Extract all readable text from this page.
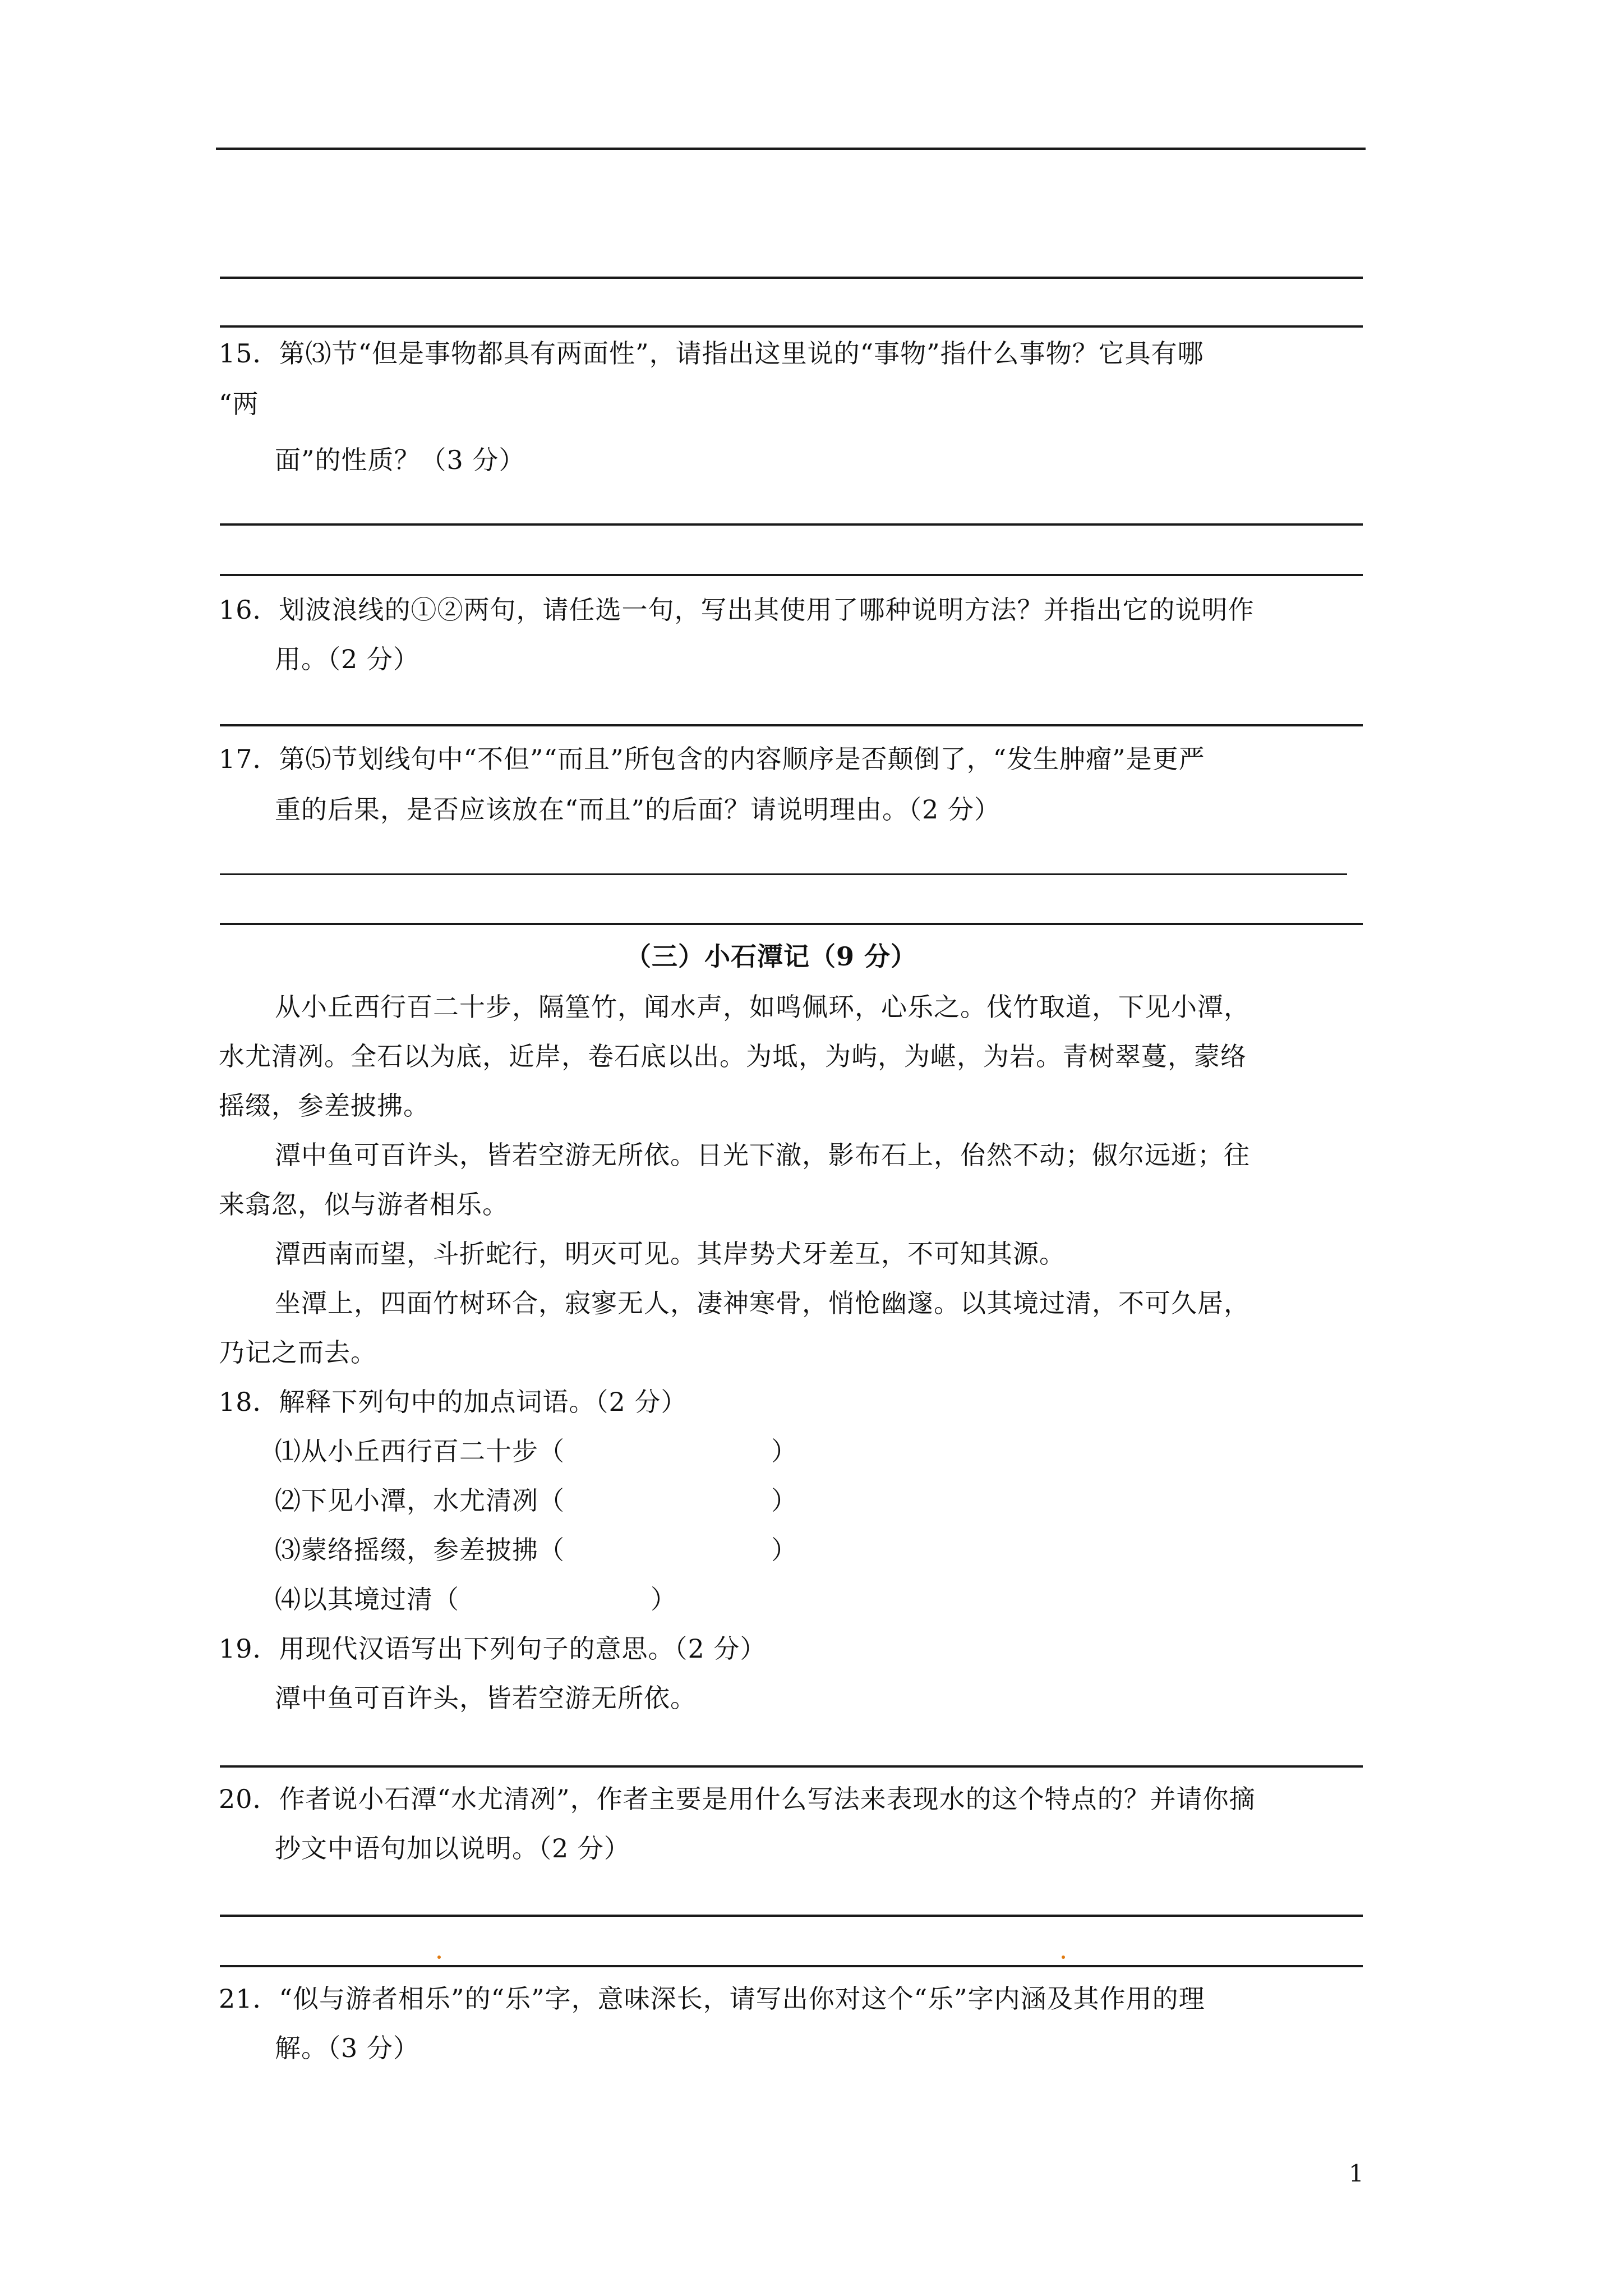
15．第⑶节“但是事物都具有两面性”，请指出这里说的“事物”指什么事物？它具有哪
“两
面”的性质？（3 分）
16．划波浪线的①②两句，请任选一句，写出其使用了哪种说明方法？并指出它的说明作
用。（2 分）
17．第⑸节划线句中“不但”“而且”所包含的内容顺序是否颠倒了，“发生肿瘤”是更严
重的后果，是否应该放在“而且”的后面？请说明理由。（2 分）
（三）小石潭记（9 分）
从小丘西行百二十步，隔篁竹，闻水声，如鸣佩环，心乐之。伐竹取道，下见小潭，
水尤清冽。全石以为底，近岸，卷石底以出。为坻，为屿，为嵁，为岩。青树翠蔓，蒙络
摇缀，参差披拂。
潭中鱼可百许头，皆若空游无所依。日光下澈，影布石上，佁然不动；俶尔远逝；往
来翕忽，似与游者相乐。
潭西南而望，斗折蛇行，明灭可见。其岸势犬牙差互，不可知其源。
坐潭上，四面竹树环合，寂寥无人，凄神寒骨，悄怆幽邃。以其境过清，不可久居，
乃记之而去。
18．解释下列句中的加点词语。（2 分）
⑴从小丘西行百二十步（	）
⑵下见小潭，水尤清冽（	）
⑶蒙络摇缀，参差披拂（	）
⑷以其境过清（	）
19．用现代汉语写出下列句子的意思。（2 分）
潭中鱼可百许头，皆若空游无所依。
20．作者说小石潭“水尤清冽”，作者主要是用什么写法来表现水的这个特点的？并请你摘
抄文中语句加以说明。（2 分）
21．“似与游者相乐”的“乐”字，意味深长，请写出你对这个“乐”字内涵及其作用的理
解。（3 分）
1
